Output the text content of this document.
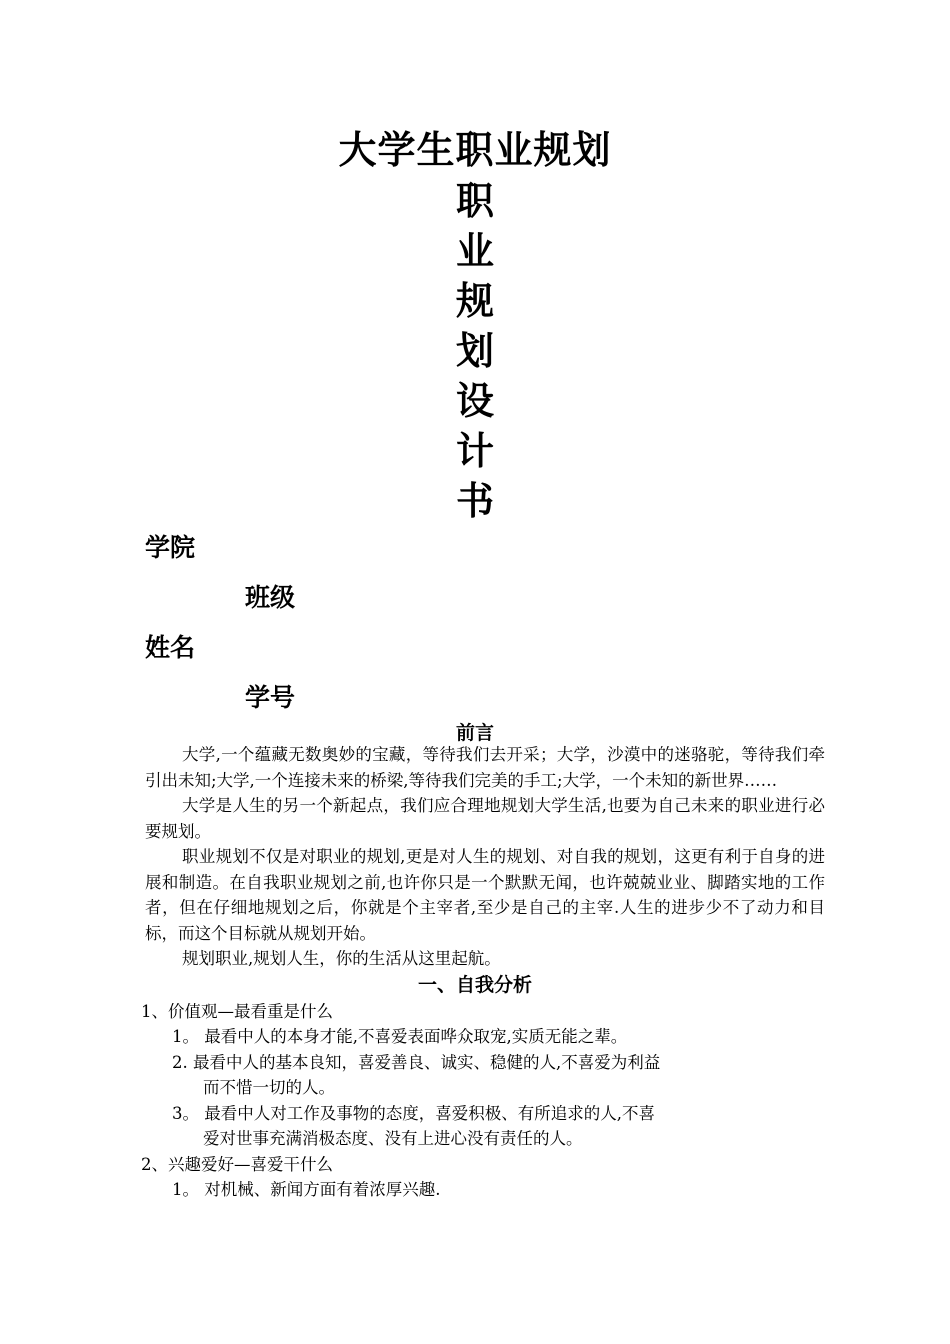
大学生职业规划
职
业
规
划
设
计
书
学院
班级
姓名
学号
前言

大学,一个蕴藏无数奥妙的宝藏，等待我们去开采；大学，沙漠中的迷骆驼，等待我们牵引出未知;大学,一个连接未来的桥梁,等待我们完美的手工;大学，一个未知的新世界……

大学是人生的另一个新起点，我们应合理地规划大学生活,也要为自己未来的职业进行必要规划。

职业规划不仅是对职业的规划,更是对人生的规划、对自我的规划，这更有利于自身的进展和制造。在自我职业规划之前,也许你只是一个默默无闻，也许兢兢业业、脚踏实地的工作者，但在仔细地规划之后，你就是个主宰者,至少是自己的主宰.人生的进步少不了动力和目标，而这个目标就从规划开始。

规划职业,规划人生，你的生活从这里起航。

一、自我分析

1、价值观—最看重是什么

1。 最看中人的本身才能,不喜爱表面哗众取宠,实质无能之辈。

2. 最看中人的基本良知，喜爱善良、诚实、稳健的人,不喜爱为利益

而不惜一切的人。

3。 最看中人对工作及事物的态度，喜爱积极、有所追求的人,不喜

爱对世事充满消极态度、没有上进心没有责任的人。

2、兴趣爱好—喜爱干什么

1。 对机械、新闻方面有着浓厚兴趣.
